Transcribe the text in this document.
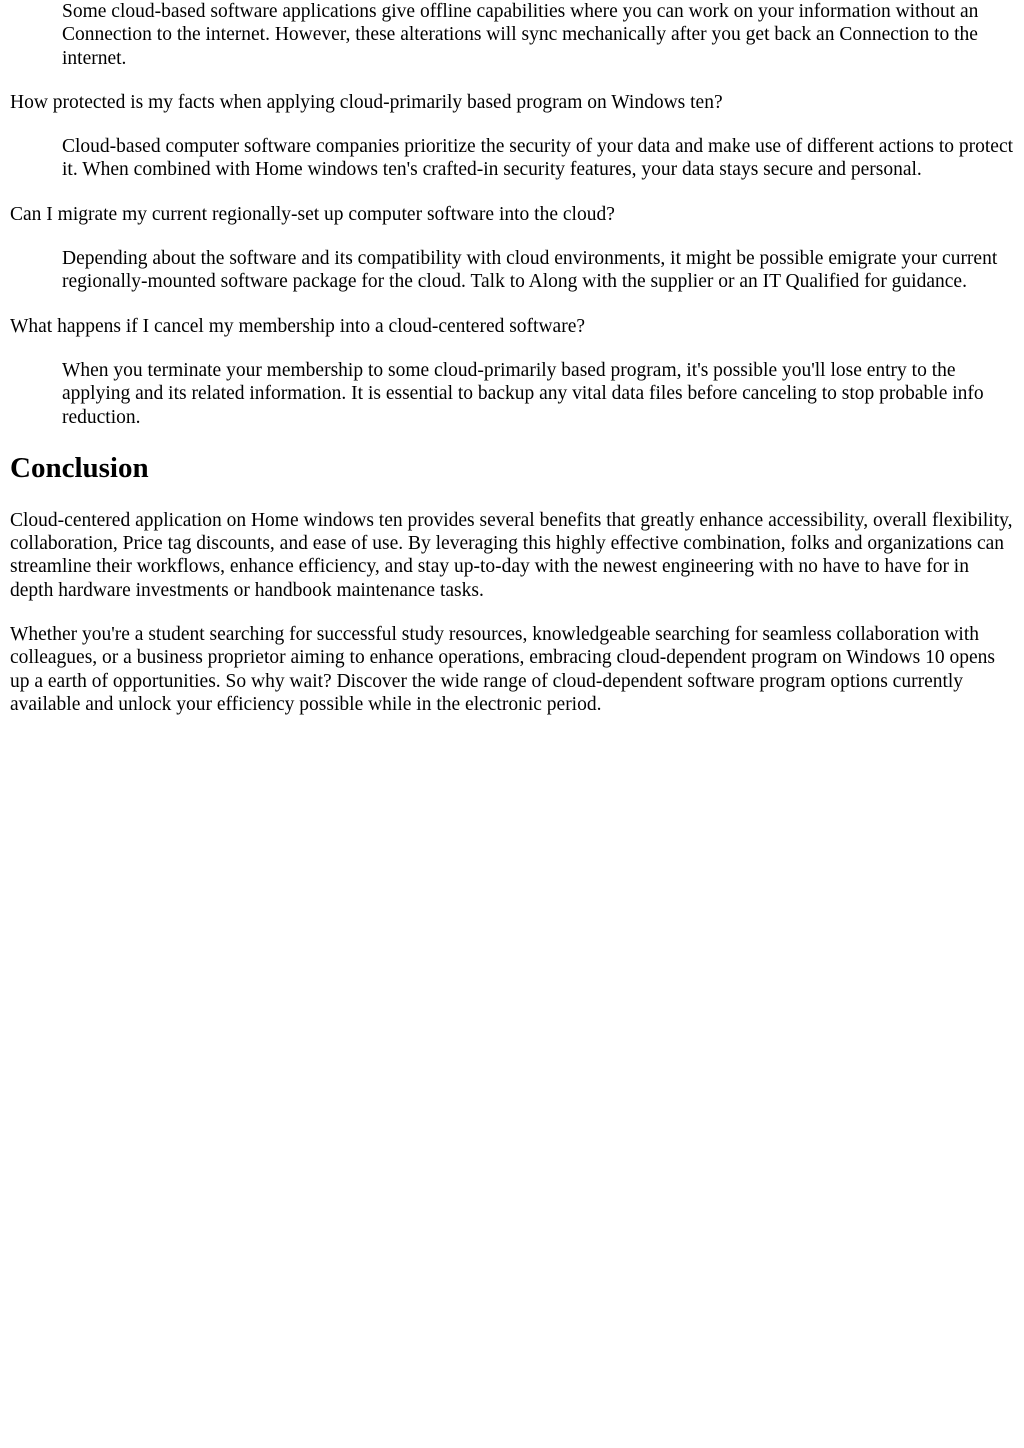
Some cloud-based software applications give offline capabilities where you can work on your information without an Connection to the internet. However, these alterations will sync mechanically after you get back an Connection to the internet.

How protected is my facts when applying cloud-primarily based program on Windows ten?

Cloud-based computer software companies prioritize the security of your data and make use of different actions to protect it. When combined with Home windows ten's crafted-in security features, your data stays secure and personal.

Can I migrate my current regionally-set up computer software into the cloud?

Depending about the software and its compatibility with cloud environments, it might be possible emigrate your current regionally-mounted software package for the cloud. Talk to Along with the supplier or an IT Qualified for guidance.

What happens if I cancel my membership into a cloud-centered software?

When you terminate your membership to some cloud-primarily based program, it's possible you'll lose entry to the applying and its related information. It is essential to backup any vital data files before canceling to stop probable info reduction.

Conclusion

Cloud-centered application on Home windows ten provides several benefits that greatly enhance accessibility, overall flexibility, collaboration, Price tag discounts, and ease of use. By leveraging this highly effective combination, folks and organizations can streamline their workflows, enhance efficiency, and stay up-to-day with the newest engineering with no have to have for in depth hardware investments or handbook maintenance tasks.

Whether you're a student searching for successful study resources, knowledgeable searching for seamless collaboration with colleagues, or a business proprietor aiming to enhance operations, embracing cloud-dependent program on Windows 10 opens up a earth of opportunities. So why wait? Discover the wide range of cloud-dependent software program options currently available and unlock your efficiency possible while in the electronic period.
